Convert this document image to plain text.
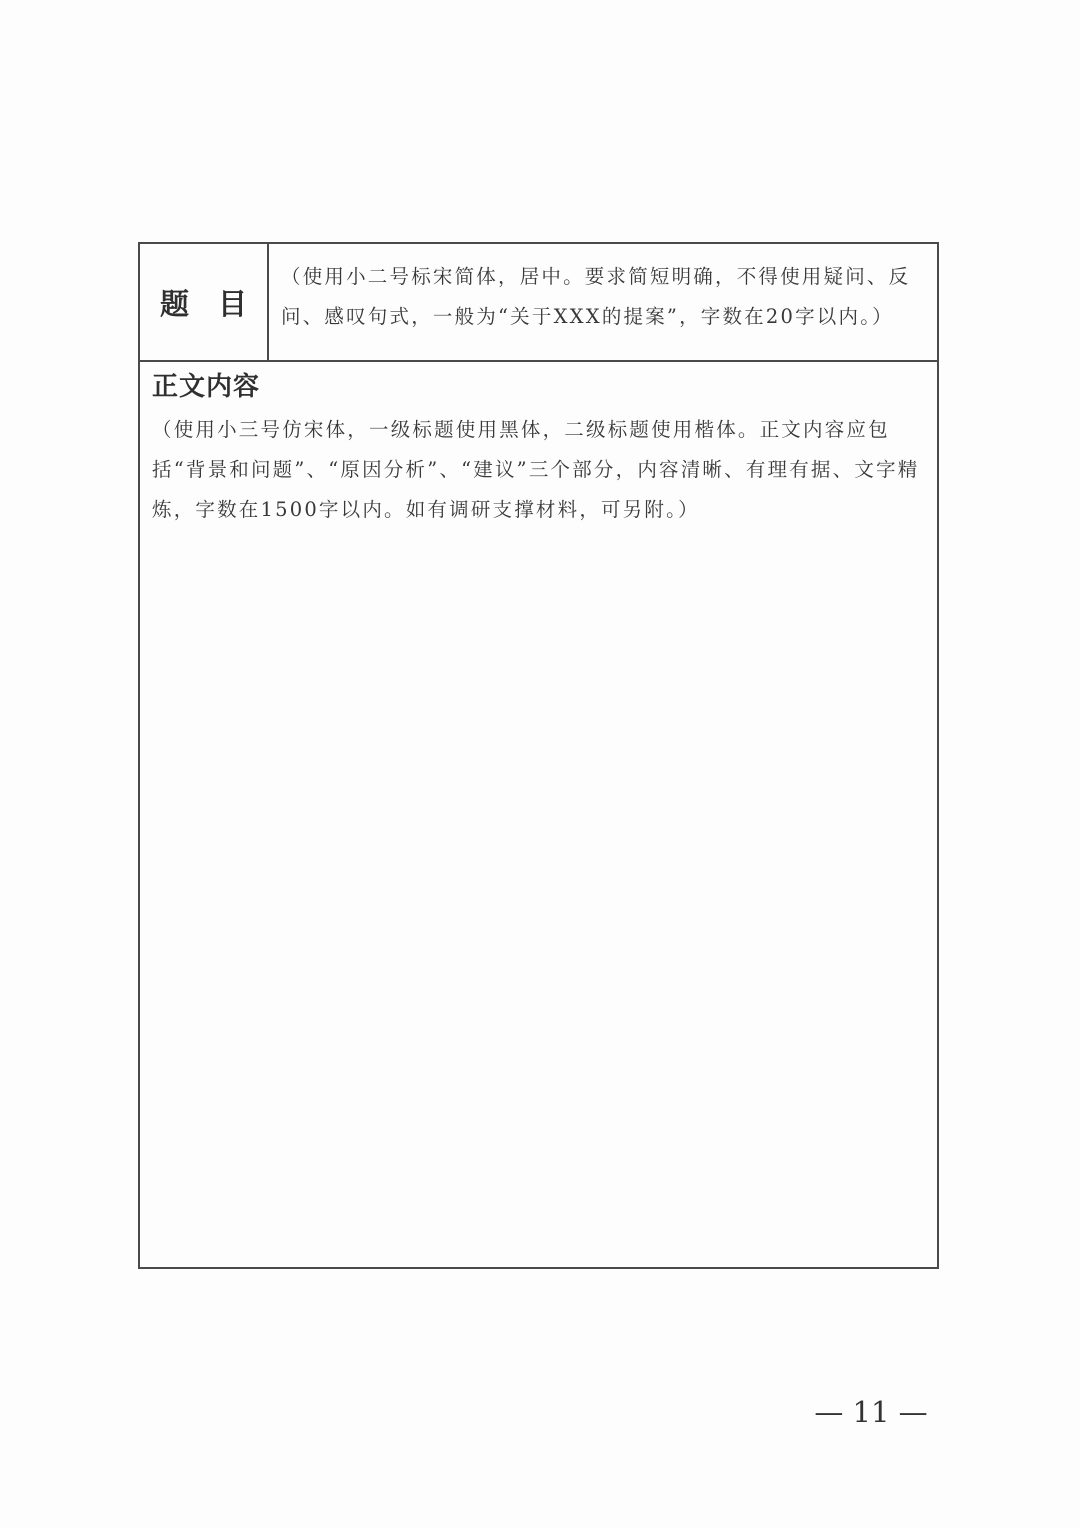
题目

（使用小二号标宋简体，居中。要求简短明确，不得使用疑问、反问、感叹句式，一般为“关于XXX的提案”，字数在20字以内。）

正文内容

（使用小三号仿宋体，一级标题使用黑体，二级标题使用楷体。正文内容应包括“背景和问题”、“原因分析”、“建议”三个部分，内容清晰、有理有据、文字精炼，字数在1500字以内。如有调研支撑材料，可另附。）

— 11 —
